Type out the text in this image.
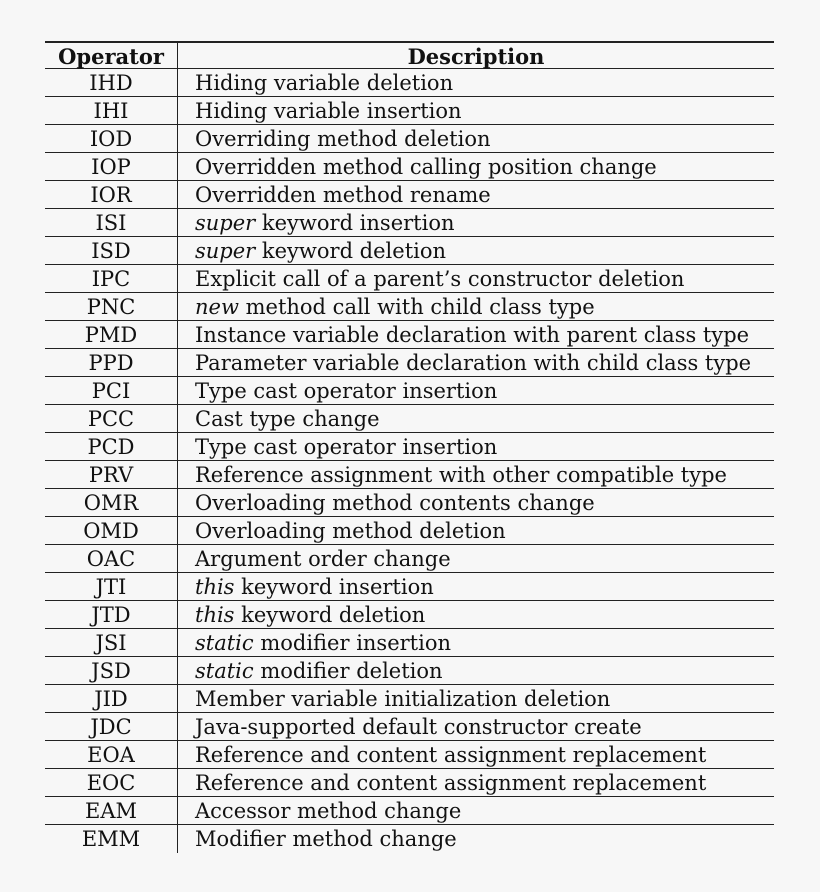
Operator	Description
IHD	Hiding variable deletion
IHI	Hiding variable insertion
IOD	Overriding method deletion
IOP	Overridden method calling position change
IOR	Overridden method rename
ISI	super keyword insertion
ISD	super keyword deletion
IPC	Explicit call of a parent’s constructor deletion
PNC	new method call with child class type
PMD	Instance variable declaration with parent class type
PPD	Parameter variable declaration with child class type
PCI	Type cast operator insertion
PCC	Cast type change
PCD	Type cast operator insertion
PRV	Reference assignment with other compatible type
OMR	Overloading method contents change
OMD	Overloading method deletion
OAC	Argument order change
JTI	this keyword insertion
JTD	this keyword deletion
JSI	static modifier insertion
JSD	static modifier deletion
JID	Member variable initialization deletion
JDC	Java-supported default constructor create
EOA	Reference and content assignment replacement
EOC	Reference and content assignment replacement
EAM	Accessor method change
EMM	Modifier method change
